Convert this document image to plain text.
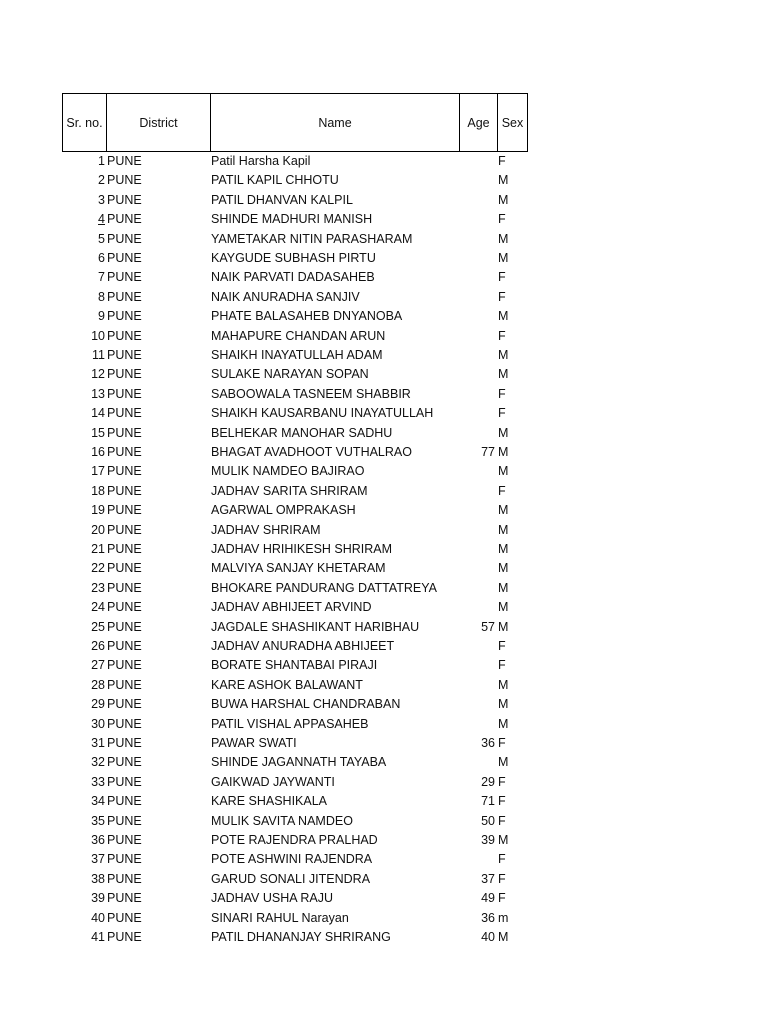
Sr. no.	District	Name	Age Sex
1 PUNE	Patil Harsha Kapil	F
2 PUNE	PATIL KAPIL CHHOTU	M
3 PUNE	PATIL DHANVAN KALPIL	M
4 PUNE	SHINDE MADHURI MANISH	F
5 PUNE	YAMETAKAR NITIN PARASHARAM	M
6 PUNE	KAYGUDE SUBHASH PIRTU	M
7 PUNE	NAIK PARVATI DADASAHEB	F
8 PUNE	NAIK ANURADHA SANJIV	F
9 PUNE	PHATE BALASAHEB DNYANOBA	M
10 PUNE	MAHAPURE CHANDAN ARUN	F
11 PUNE	SHAIKH INAYATULLAH ADAM	M
12 PUNE	SULAKE NARAYAN SOPAN	M
13 PUNE	SABOOWALA TASNEEM SHABBIR	F
14 PUNE	SHAIKH KAUSARBANU INAYATULLAH	F
15 PUNE	BELHEKAR MANOHAR SADHU	M
16 PUNE	BHAGAT AVADHOOT VUTHALRAO	77 M
17 PUNE	MULIK NAMDEO BAJIRAO	M
18 PUNE	JADHAV SARITA SHRIRAM	F
19 PUNE	AGARWAL OMPRAKASH	M
20 PUNE	JADHAV SHRIRAM	M
21 PUNE	JADHAV HRIHIKESH SHRIRAM	M
22 PUNE	MALVIYA SANJAY KHETARAM	M
23 PUNE	BHOKARE PANDURANG DATTATREYA	M
24 PUNE	JADHAV ABHIJEET ARVIND	M
25 PUNE	JAGDALE SHASHIKANT HARIBHAU	57 M
26 PUNE	JADHAV ANURADHA ABHIJEET	F
27 PUNE	BORATE SHANTABAI PIRAJI	F
28 PUNE	KARE ASHOK BALAWANT	M
29 PUNE	BUWA HARSHAL CHANDRABAN	M
30 PUNE	PATIL VISHAL APPASAHEB	M
31 PUNE	PAWAR SWATI	36 F
32 PUNE	SHINDE JAGANNATH TAYABA	M
33 PUNE	GAIKWAD JAYWANTI	29 F
34 PUNE	KARE SHASHIKALA	71 F
35 PUNE	MULIK SAVITA NAMDEO	50 F
36 PUNE	POTE RAJENDRA PRALHAD	39 M
37 PUNE	POTE ASHWINI RAJENDRA	F
38 PUNE	GARUD SONALI JITENDRA	37 F
39 PUNE	JADHAV USHA RAJU	49 F
40 PUNE	SINARI RAHUL Narayan	36 m
41 PUNE	PATIL DHANANJAY SHRIRANG	40 M
